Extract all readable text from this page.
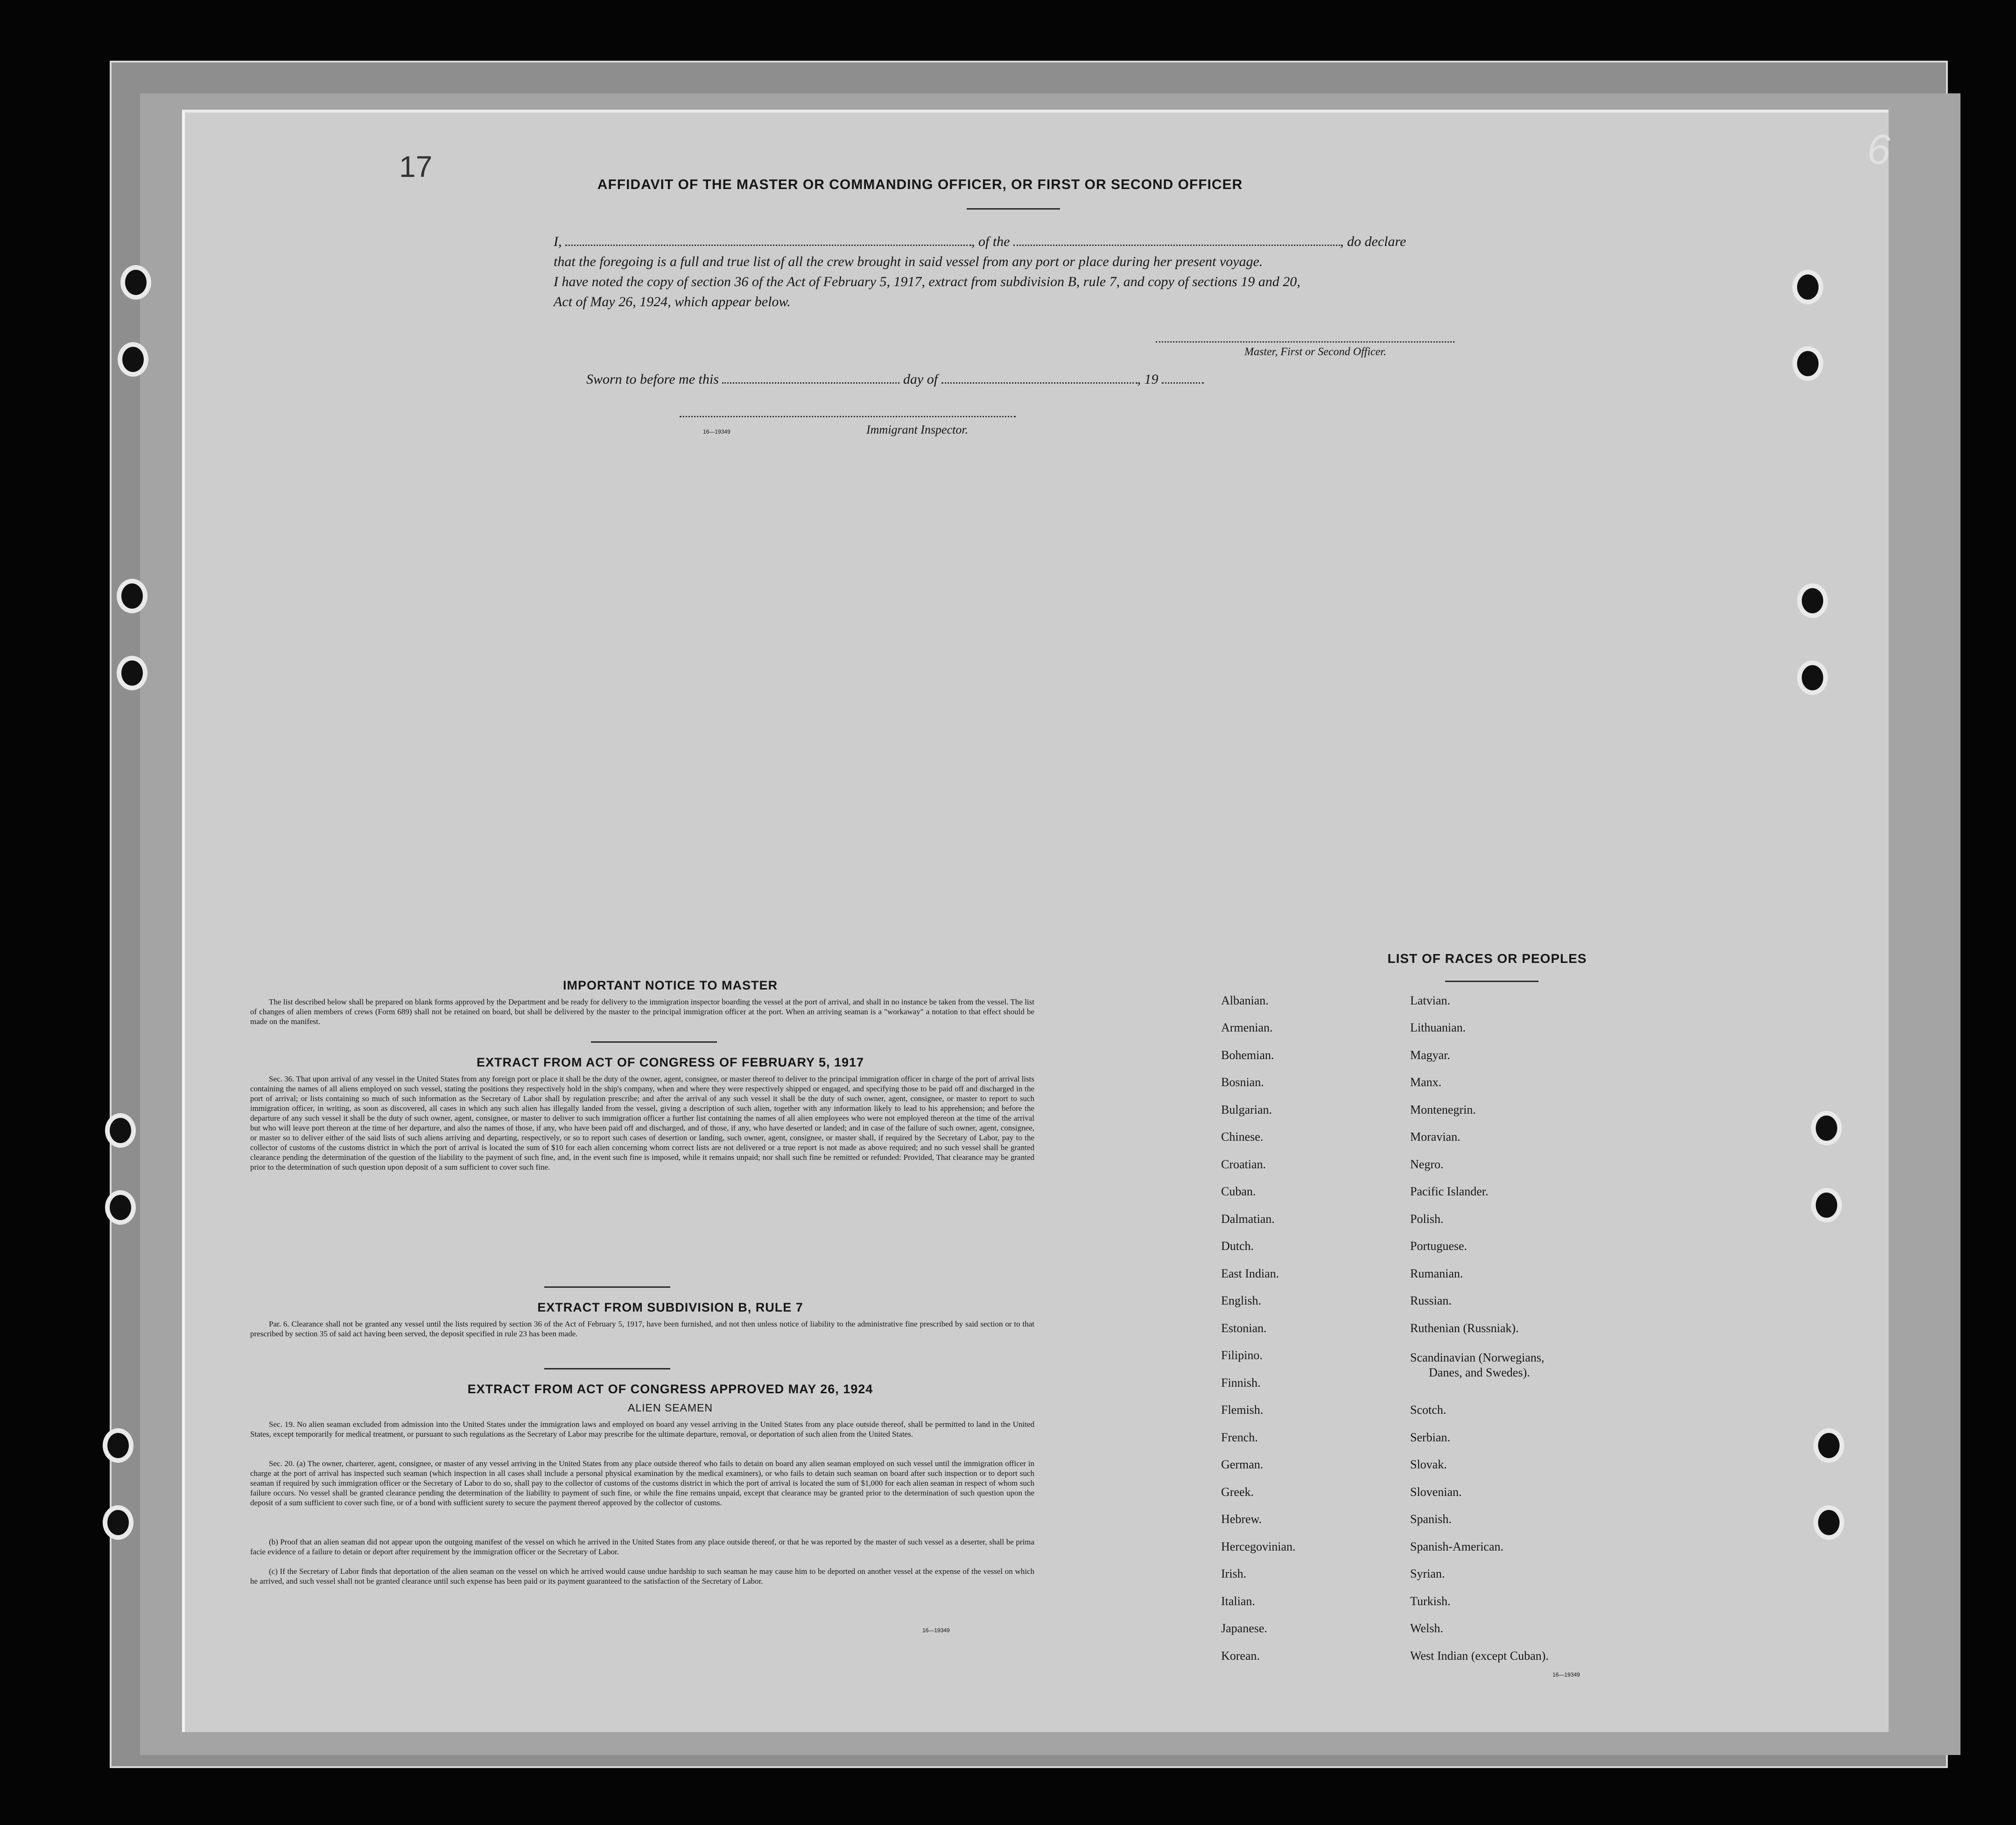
AFFIDAVIT OF THE MASTER OR COMMANDING OFFICER, OR FIRST OR SECOND OFFICER
I,	, of the	, do declare
that the foregoing is a full and true list of all the crew brought in said vessel from any port or place during her present voyage.
I have noted the copy of section 36 of the Act of February 5, 1917, extract from subdivision B, rule 7, and copy of sections 19 and 20,
Act of May 26, 1924, which appear below.
Master, First or Second Officer.
Sworn to before me this	day of	, 19
16—19349	Immigrant Inspector.
IMPORTANT NOTICE TO MASTER
The list described below shall be prepared on blank forms approved by the Department and be ready for delivery to the immigration inspector boarding the vessel at the port of arrival, and shall in no instance be taken from the vessel. The list of changes of alien members of crews (Form 689) shall not be retained on board, but shall be delivered by the master to the principal immigration officer at the port. When an arriving seaman is a "workaway" a notation to that effect should be made on the manifest.
EXTRACT FROM ACT OF CONGRESS OF FEBRUARY 5, 1917
Sec. 36. That upon arrival of any vessel in the United States from any foreign port or place it shall be the duty of the owner, agent, consignee, or master thereof to deliver to the principal immigration officer in charge of the port of arrival lists containing the names of all aliens employed on such vessel, stating the positions they respectively hold in the ship's company, when and where they were respectively shipped or engaged, and specifying those to be paid off and discharged in the port of arrival; or lists containing so much of such information as the Secretary of Labor shall by regulation prescribe; and after the arrival of any such vessel it shall be the duty of such owner, agent, consignee, or master to report to such immigration officer, in writing, as soon as discovered, all cases in which any such alien has illegally landed from the vessel, giving a description of such alien, together with any information likely to lead to his apprehension; and before the departure of any such vessel it shall be the duty of such owner, agent, consignee, or master to deliver to such immigration officer a further list containing the names of all alien employees who were not employed thereon at the time of the arrival but who will leave port thereon at the time of her departure, and also the names of those, if any, who have been paid off and discharged, and of those, if any, who have deserted or landed; and in case of the failure of such owner, agent, consignee, or master so to deliver either of the said lists of such aliens arriving and departing, respectively, or so to report such cases of desertion or landing, such owner, agent, consignee, or master shall, if required by the Secretary of Labor, pay to the collector of customs of the customs district in which the port of arrival is located the sum of $10 for each alien concerning whom correct lists are not delivered or a true report is not made as above required; and no such vessel shall be granted clearance pending the determination of the question of the liability to the payment of such fine, and, in the event such fine is imposed, while it remains unpaid; nor shall such fine be remitted or refunded: Provided, That clearance may be granted prior to the determination of such question upon deposit of a sum sufficient to cover such fine.
EXTRACT FROM SUBDIVISION B, RULE 7
Par. 6. Clearance shall not be granted any vessel until the lists required by section 36 of the Act of February 5, 1917, have been furnished, and not then unless notice of liability to the administrative fine prescribed by said section or to that prescribed by section 35 of said act having been served, the deposit specified in rule 23 has been made.
EXTRACT FROM ACT OF CONGRESS APPROVED MAY 26, 1924
ALIEN SEAMEN
Sec. 19. No alien seaman excluded from admission into the United States under the immigration laws and employed on board any vessel arriving in the United States from any place outside thereof, shall be permitted to land in the United States, except temporarily for medical treatment, or pursuant to such regulations as the Secretary of Labor may prescribe for the ultimate departure, removal, or deportation of such alien from the United States.
Sec. 20. (a) The owner, charterer, agent, consignee, or master of any vessel arriving in the United States from any place outside thereof who fails to detain on board any alien seaman employed on such vessel until the immigration officer in charge at the port of arrival has inspected such seaman (which inspection in all cases shall include a personal physical examination by the medical examiners), or who fails to detain such seaman on board after such inspection or to deport such seaman if required by such immigration officer or the Secretary of Labor to do so, shall pay to the collector of customs of the customs district in which the port of arrival is located the sum of $1,000 for each alien seaman in respect of whom such failure occurs. No vessel shall be granted clearance pending the determination of the liability to payment of such fine, or while the fine remains unpaid, except that clearance may be granted prior to the determination of such question upon the deposit of a sum sufficient to cover such fine, or of a bond with sufficient surety to secure the payment thereof approved by the collector of customs.
(b) Proof that an alien seaman did not appear upon the outgoing manifest of the vessel on which he arrived in the United States from any place outside thereof, or that he was reported by the master of such vessel as a deserter, shall be prima facie evidence of a failure to detain or deport after requirement by the immigration officer or the Secretary of Labor.
(c) If the Secretary of Labor finds that deportation of the alien seaman on the vessel on which he arrived would cause undue hardship to such seaman he may cause him to be deported on another vessel at the expense of the vessel on which he arrived, and such vessel shall not be granted clearance until such expense has been paid or its payment guaranteed to the satisfaction of the Secretary of Labor.
16—19349
LIST OF RACES OR PEOPLES
Albanian.
Armenian.
Bohemian.
Bosnian.
Bulgarian.
Chinese.
Croatian.
Cuban.
Dalmatian.
Dutch.
East Indian.
English.
Estonian.
Filipino.
Finnish.
Flemish.
French.
German.
Greek.
Hebrew.
Hercegovinian.
Irish.
Italian.
Japanese.
Korean.
Latvian.
Lithuanian.
Magyar.
Manx.
Montenegrin.
Moravian.
Negro.
Pacific Islander.
Polish.
Portuguese.
Rumanian.
Russian.
Ruthenian (Russniak).
Scandinavian (Norwegians,
Danes, and Swedes).
Scotch.
Serbian.
Slovak.
Slovenian.
Spanish.
Spanish-American.
Syrian.
Turkish.
Welsh.
West Indian (except Cuban).
16—19349
17	6
